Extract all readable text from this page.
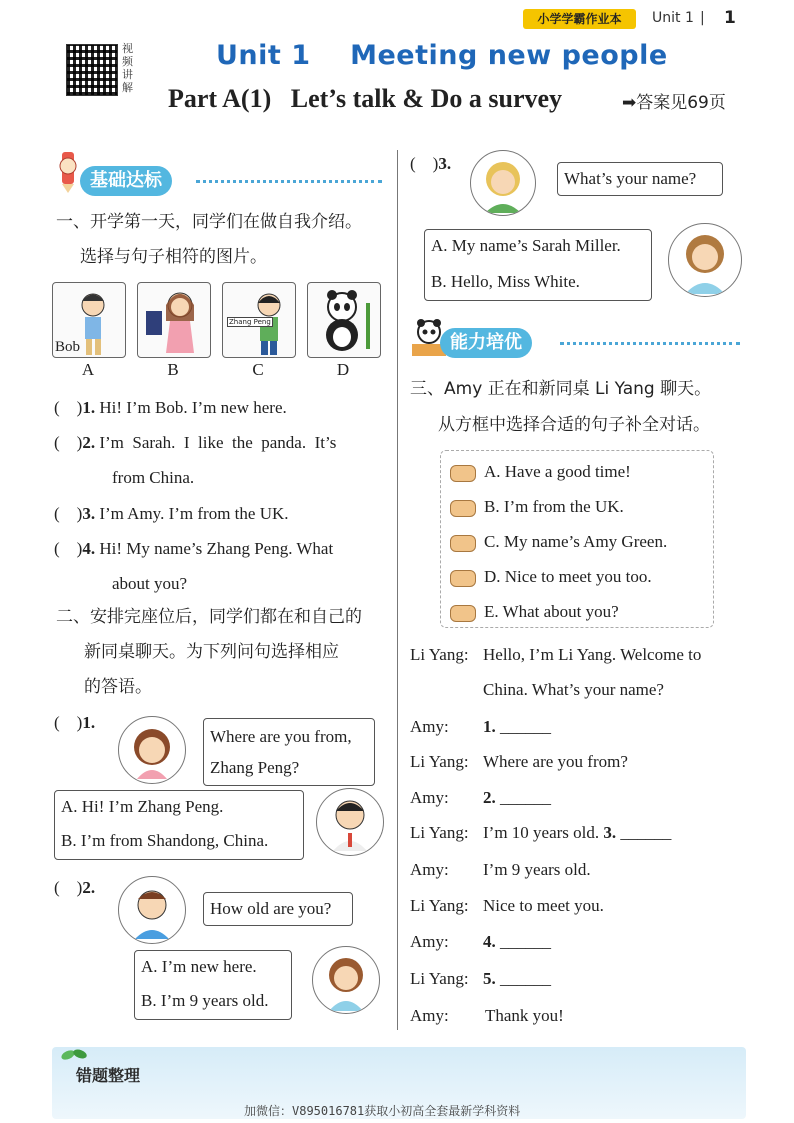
小学学霸作业本	Unit 1 | 1
视频讲解
Unit 1    Meeting new people
Part A(1)   Let’s talk & Do a survey	➡答案见69页
基础达标
一、开学第一天，同学们在做自我介绍。
选择与句子相符的图片。
Bob
Zhang Peng
A	B	C	D
(    )1. Hi! I’m Bob. I’m new here.
(    )2. I’m  Sarah.  I  like  the  panda.  It’s
from China.
(    )3. I’m Amy. I’m from the UK.
(    )4. Hi! My name’s Zhang Peng. What
about you?
二、安排完座位后，同学们都在和自己的
新同桌聊天。为下列问句选择相应
的答语。
(    )1.
Where are you from,
Zhang Peng?
A. Hi! I’m Zhang Peng.
B. I’m from Shandong, China.
(    )2.
How old are you?
A. I’m new here.
B. I’m 9 years old.
(    )3.
What’s your name?
A. My name’s Sarah Miller.
B. Hello, Miss White.
能力培优
三、Amy 正在和新同桌 Li Yang 聊天。
从方框中选择合适的句子补全对话。
A. Have a good time!
B. I’m from the UK.
C. My name’s Amy Green.
D. Nice to meet you too.
E. What about you?
Li Yang: Hello, I’m Li Yang. Welcome to
China. What’s your name?
Amy: 1. ______
Li Yang: Where are you from?
Amy: 2. ______
Li Yang: I’m 10 years old. 3. ______
Amy: I’m 9 years old.
Li Yang: Nice to meet you.
Amy: 4. ______
Li Yang: 5. ______
Amy: Thank you!
错题整理
加微信：V895016781获取小初高全套最新学科资料
